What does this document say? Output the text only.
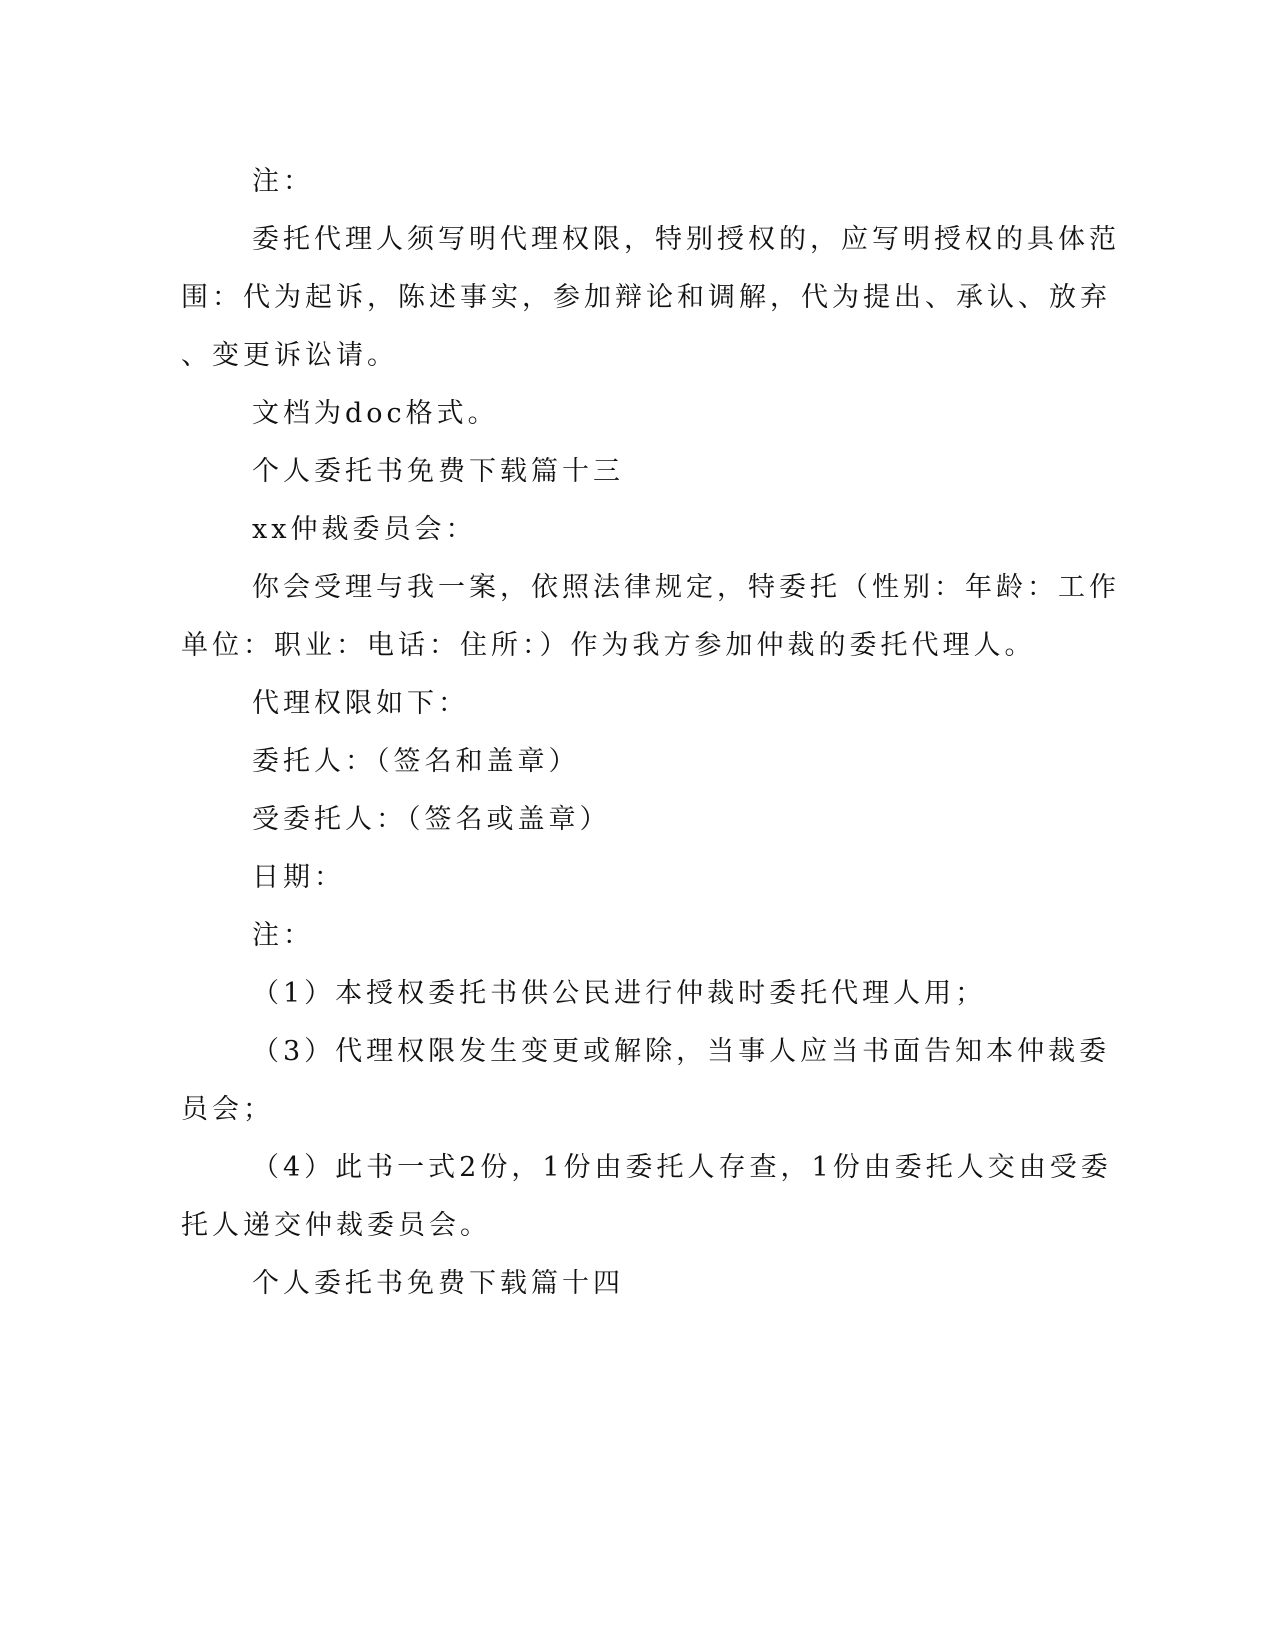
注：
委托代理人须写明代理权限，特别授权的，应写明授权的具体范
围：代为起诉，陈述事实，参加辩论和调解，代为提出、承认、放弃
、变更诉讼请。
文档为doc格式。
个人委托书免费下载篇十三
xx仲裁委员会：
你会受理与我一案，依照法律规定，特委托（性别：年龄：工作
单位：职业：电话：住所：）作为我方参加仲裁的委托代理人。
代理权限如下：
委托人：（签名和盖章）
受委托人：（签名或盖章）
日期：
注：
（1）本授权委托书供公民进行仲裁时委托代理人用；
（3）代理权限发生变更或解除，当事人应当书面告知本仲裁委
员会；
（4）此书一式2份，1份由委托人存查，1份由委托人交由受委
托人递交仲裁委员会。
个人委托书免费下载篇十四
